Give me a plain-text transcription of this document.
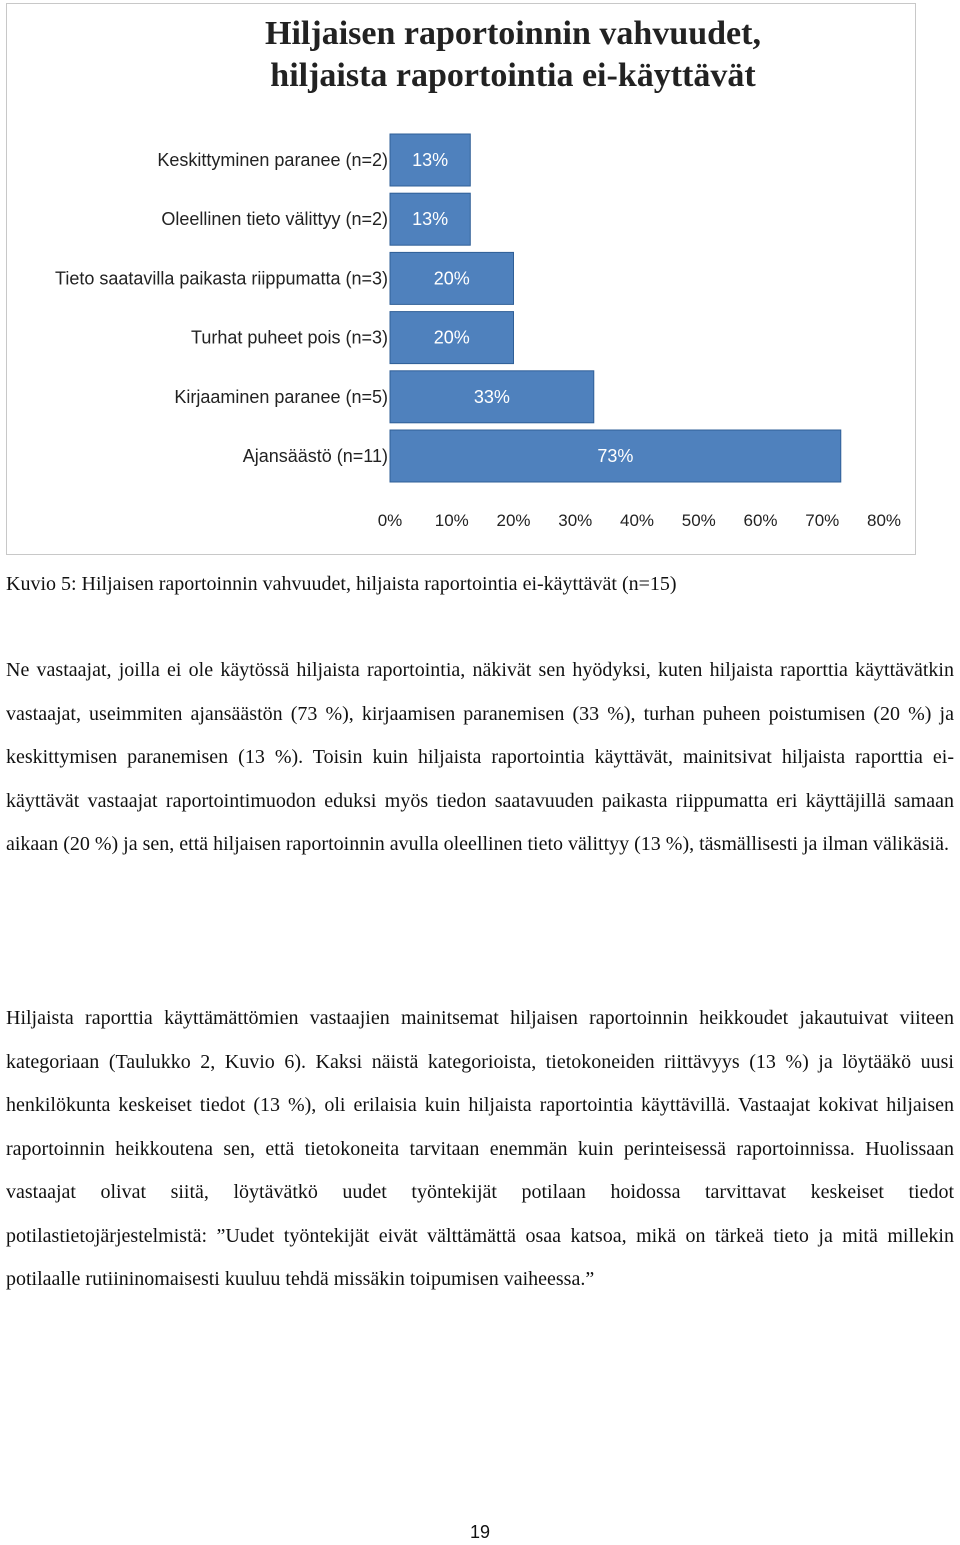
Hiljaisen raportoinnin vahvuudet, hiljaista raportointia ei-käyttävät
Keskittyminen paranee (n=2) 13%
Oleellinen tieto välittyy (n=2) 13%
Tieto saatavilla paikasta riippumatta (n=3)	20%
Turhat puheet pois (n=3)	20%
Kirjaaminen paranee (n=5)	33%
Ajansäästö (n=11)	73%
0% 10% 20% 30% 40% 50% 60% 70% 80%

Kuvio 5: Hiljaisen raportoinnin vahvuudet, hiljaista raportointia ei-käyttävät (n=15)

Ne vastaajat, joilla ei ole käytössä hiljaista raportointia, näkivät sen hyödyksi, kuten hiljaista raporttia käyttävätkin vastaajat, useimmiten ajansäästön (73 %), kirjaamisen paranemisen (33 %), turhan puheen poistumisen (20 %) ja keskittymisen paranemisen (13 %). Toisin kuin hiljaista raportointia käyttävät, mainitsivat hiljaista raporttia ei-käyttävät vastaajat raportointimuodon eduksi myös tiedon saatavuuden paikasta riippumatta eri käyttäjillä samaan aikaan (20 %) ja sen, että hiljaisen raportoinnin avulla oleellinen tieto välittyy (13 %), täsmällisesti ja ilman välikäsiä.

Hiljaista raporttia käyttämättömien vastaajien mainitsemat hiljaisen raportoinnin heikkoudet jakautuivat viiteen kategoriaan (Taulukko 2, Kuvio 6). Kaksi näistä kategorioista, tietokoneiden riittävyys (13 %) ja löytääkö uusi henkilökunta keskeiset tiedot (13 %), oli erilaisia kuin hiljaista raportointia käyttävillä. Vastaajat kokivat hiljaisen raportoinnin heikkoutena sen, että tietokoneita tarvitaan enemmän kuin perinteisessä raportoinnissa. Huolissaan vastaajat olivat siitä, löytävätkö uudet työntekijät potilaan hoidossa tarvittavat keskeiset tiedot potilastietojärjestelmistä: ”Uudet työntekijät eivät välttämättä osaa katsoa, mikä on tärkeä tieto ja mitä millekin potilaalle rutiininomaisesti kuuluu tehdä missäkin toipumisen vaiheessa.”

19
